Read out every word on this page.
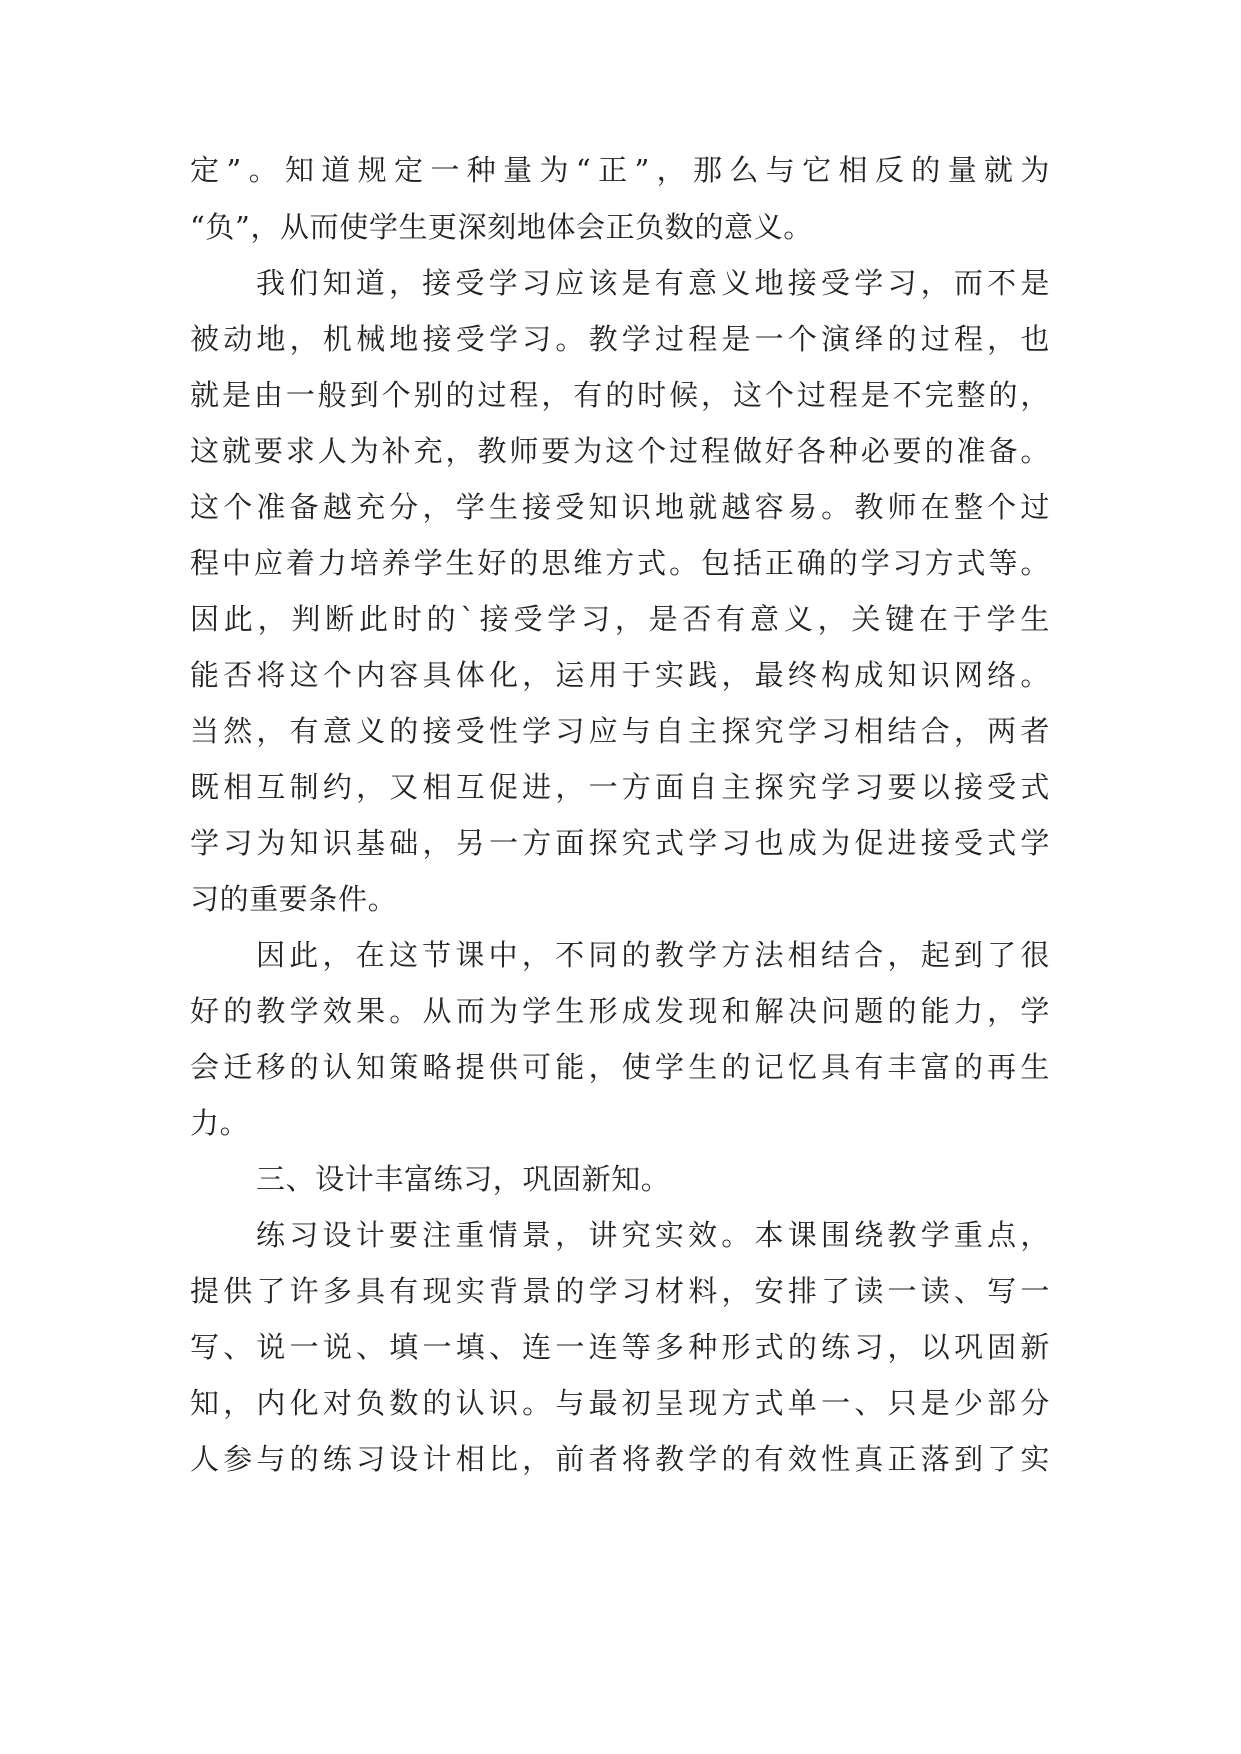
定”。知道规定一种量为“正”，那么与它相反的量就为
“负”，从而使学生更深刻地体会正负数的意义。
我们知道，接受学习应该是有意义地接受学习，而不是
被动地，机械地接受学习。教学过程是一个演绎的过程，也
就是由一般到个别的过程，有的时候，这个过程是不完整的，
这就要求人为补充，教师要为这个过程做好各种必要的准备。
这个准备越充分，学生接受知识地就越容易。教师在整个过
程中应着力培养学生好的思维方式。包括正确的学习方式等。
因此，判断此时的`接受学习，是否有意义，关键在于学生
能否将这个内容具体化，运用于实践，最终构成知识网络。
当然，有意义的接受性学习应与自主探究学习相结合，两者
既相互制约，又相互促进，一方面自主探究学习要以接受式
学习为知识基础，另一方面探究式学习也成为促进接受式学
习的重要条件。
因此，在这节课中，不同的教学方法相结合，起到了很
好的教学效果。从而为学生形成发现和解决问题的能力，学
会迁移的认知策略提供可能，使学生的记忆具有丰富的再生
力。
三、设计丰富练习，巩固新知。
练习设计要注重情景，讲究实效。本课围绕教学重点，
提供了许多具有现实背景的学习材料，安排了读一读、写一
写、说一说、填一填、连一连等多种形式的练习，以巩固新
知，内化对负数的认识。与最初呈现方式单一、只是少部分
人参与的练习设计相比，前者将教学的有效性真正落到了实
